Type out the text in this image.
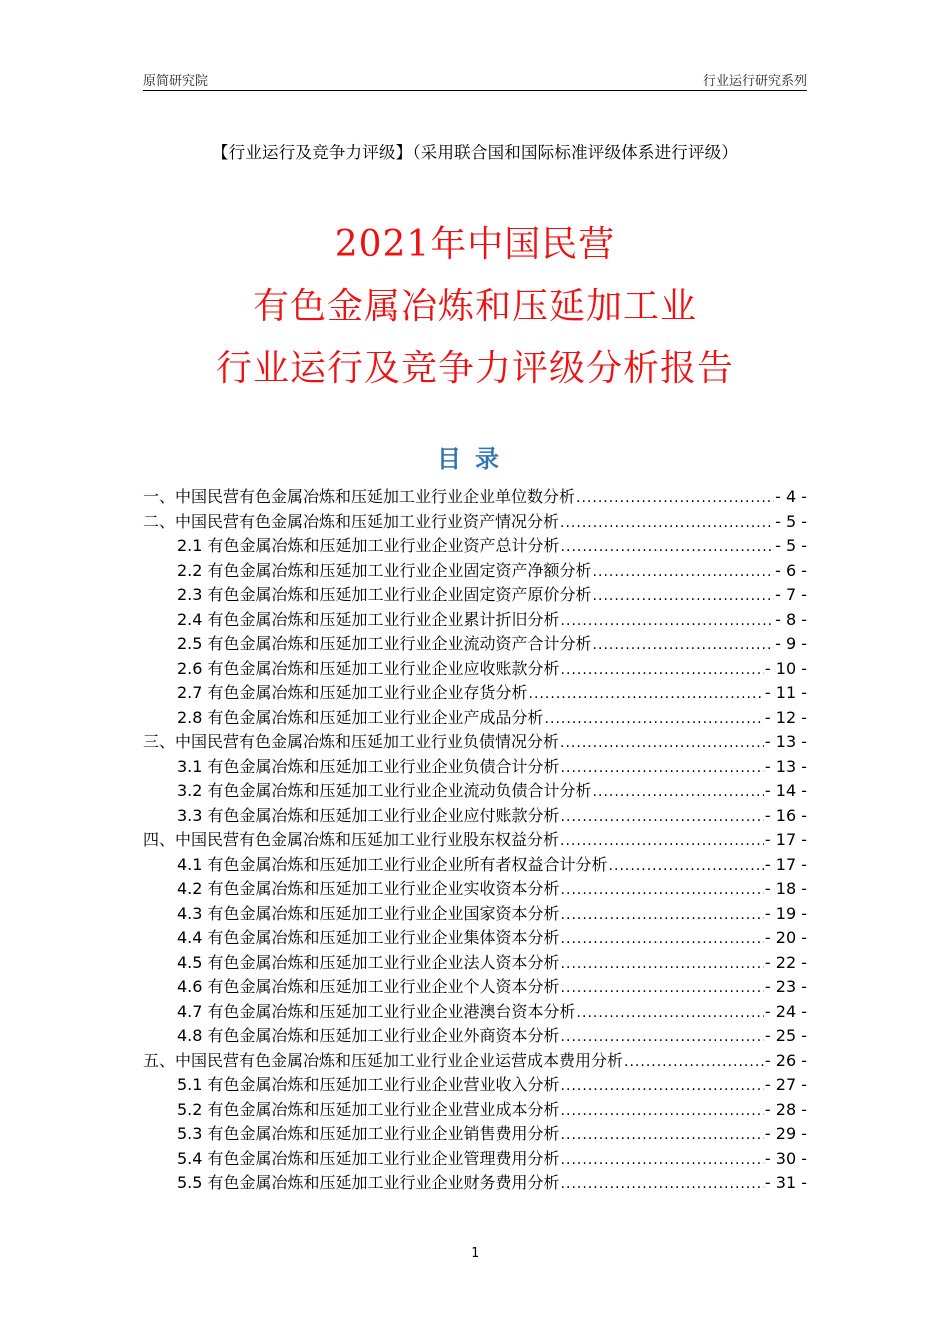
原简研究院	行业运行研究系列
【行业运行及竞争力评级】（采用联合国和国际标准评级体系进行评级）
2021年中国民营
有色金属冶炼和压延加工业
行业运行及竞争力评级分析报告
目录
一、中国民营有色金属冶炼和压延加工业行业企业单位数分析 .....	- 4 -
二、中国民营有色金属冶炼和压延加工业行业资产情况分析 .....	- 5 -
2.1 有色金属冶炼和压延加工业行业企业资产总计分析 .....	- 5 -
2.2 有色金属冶炼和压延加工业行业企业固定资产净额分析 .....	- 6 -
2.3 有色金属冶炼和压延加工业行业企业固定资产原价分析 .....	- 7 -
2.4 有色金属冶炼和压延加工业行业企业累计折旧分析 .....	- 8 -
2.5 有色金属冶炼和压延加工业行业企业流动资产合计分析 .....	- 9 -
2.6 有色金属冶炼和压延加工业行业企业应收账款分析 .....	- 10 -
2.7 有色金属冶炼和压延加工业行业企业存货分析 .....	- 11 -
2.8 有色金属冶炼和压延加工业行业企业产成品分析 .....	- 12 -
三、中国民营有色金属冶炼和压延加工业行业负债情况分析 .....	- 13 -
3.1 有色金属冶炼和压延加工业行业企业负债合计分析 .....	- 13 -
3.2 有色金属冶炼和压延加工业行业企业流动负债合计分析 .....	- 14 -
3.3 有色金属冶炼和压延加工业行业企业应付账款分析 .....	- 16 -
四、中国民营有色金属冶炼和压延加工业行业股东权益分析 .....	- 17 -
4.1 有色金属冶炼和压延加工业行业企业所有者权益合计分析 .....	- 17 -
4.2 有色金属冶炼和压延加工业行业企业实收资本分析 .....	- 18 -
4.3 有色金属冶炼和压延加工业行业企业国家资本分析 .....	- 19 -
4.4 有色金属冶炼和压延加工业行业企业集体资本分析 .....	- 20 -
4.5 有色金属冶炼和压延加工业行业企业法人资本分析 .....	- 22 -
4.6 有色金属冶炼和压延加工业行业企业个人资本分析 .....	- 23 -
4.7 有色金属冶炼和压延加工业行业企业港澳台资本分析 .....	- 24 -
4.8 有色金属冶炼和压延加工业行业企业外商资本分析 .....	- 25 -
五、中国民营有色金属冶炼和压延加工业行业企业运营成本费用分析 .....	- 26 -
5.1 有色金属冶炼和压延加工业行业企业营业收入分析 .....	- 27 -
5.2 有色金属冶炼和压延加工业行业企业营业成本分析 .....	- 28 -
5.3 有色金属冶炼和压延加工业行业企业销售费用分析 .....	- 29 -
5.4 有色金属冶炼和压延加工业行业企业管理费用分析 .....	- 30 -
5.5 有色金属冶炼和压延加工业行业企业财务费用分析 .....	- 31 -
1
